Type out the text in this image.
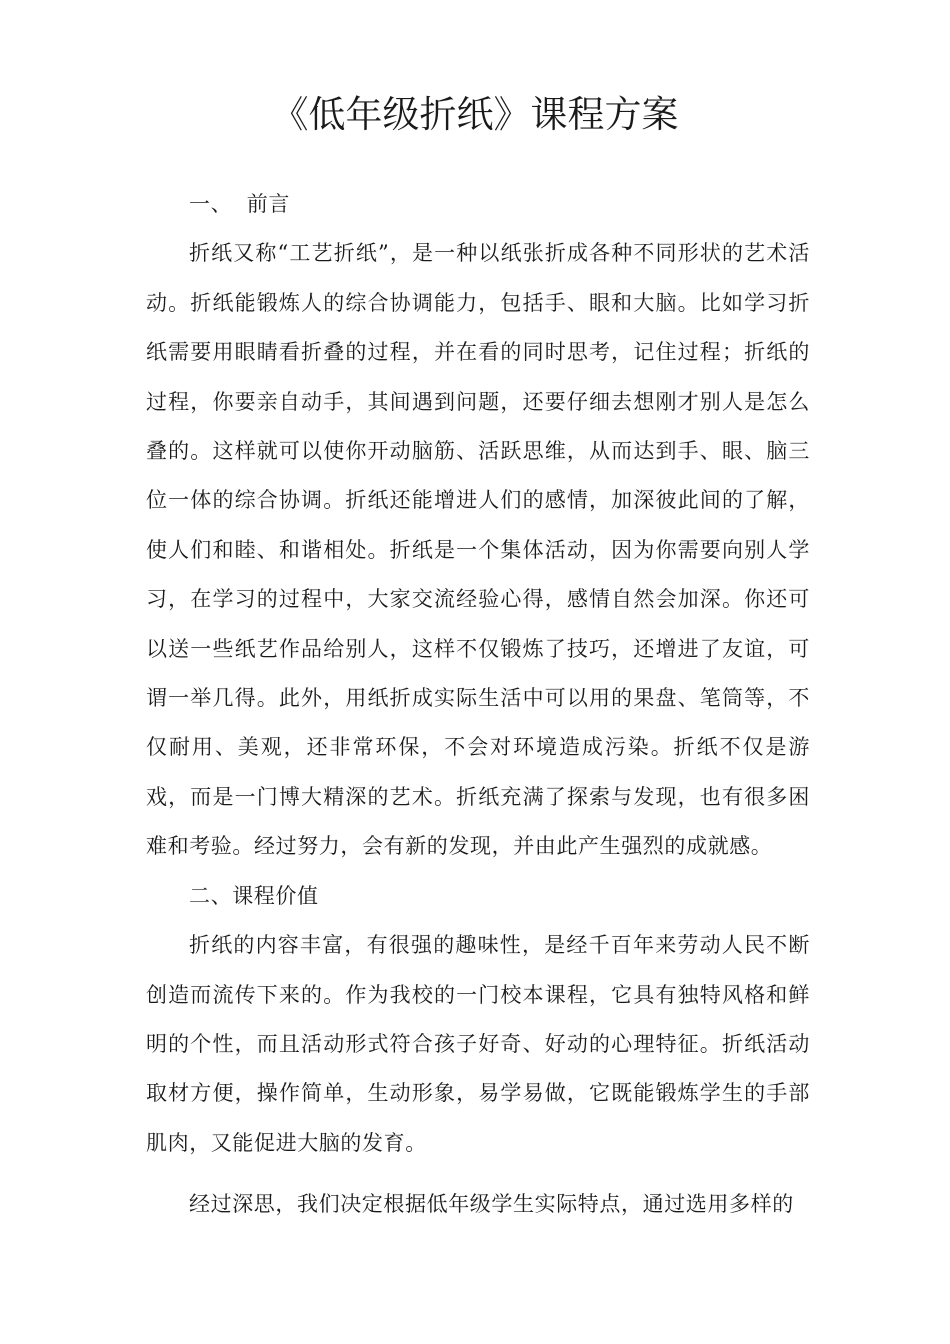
《低年级折纸》课程方案

一、  前言

折纸又称“工艺折纸”，是一种以纸张折成各种不同形状的艺术活动。折纸能锻炼人的综合协调能力，包括手、眼和大脑。比如学习折纸需要用眼睛看折叠的过程，并在看的同时思考，记住过程；折纸的过程，你要亲自动手，其间遇到问题，还要仔细去想刚才别人是怎么叠的。这样就可以使你开动脑筋、活跃思维，从而达到手、眼、脑三位一体的综合协调。折纸还能增进人们的感情，加深彼此间的了解，使人们和睦、和谐相处。折纸是一个集体活动，因为你需要向别人学习，在学习的过程中，大家交流经验心得，感情自然会加深。你还可以送一些纸艺作品给别人，这样不仅锻炼了技巧，还增进了友谊，可谓一举几得。此外，用纸折成实际生活中可以用的果盘、笔筒等，不仅耐用、美观，还非常环保，不会对环境造成污染。折纸不仅是游戏，而是一门博大精深的艺术。折纸充满了探索与发现，也有很多困难和考验。经过努力，会有新的发现，并由此产生强烈的成就感。

二、课程价值

折纸的内容丰富，有很强的趣味性，是经千百年来劳动人民不断创造而流传下来的。作为我校的一门校本课程，它具有独特风格和鲜明的个性，而且活动形式符合孩子好奇、好动的心理特征。折纸活动取材方便，操作简单，生动形象，易学易做，它既能锻炼学生的手部肌肉，又能促进大脑的发育。

经过深思，我们决定根据低年级学生实际特点，通过选用多样的
